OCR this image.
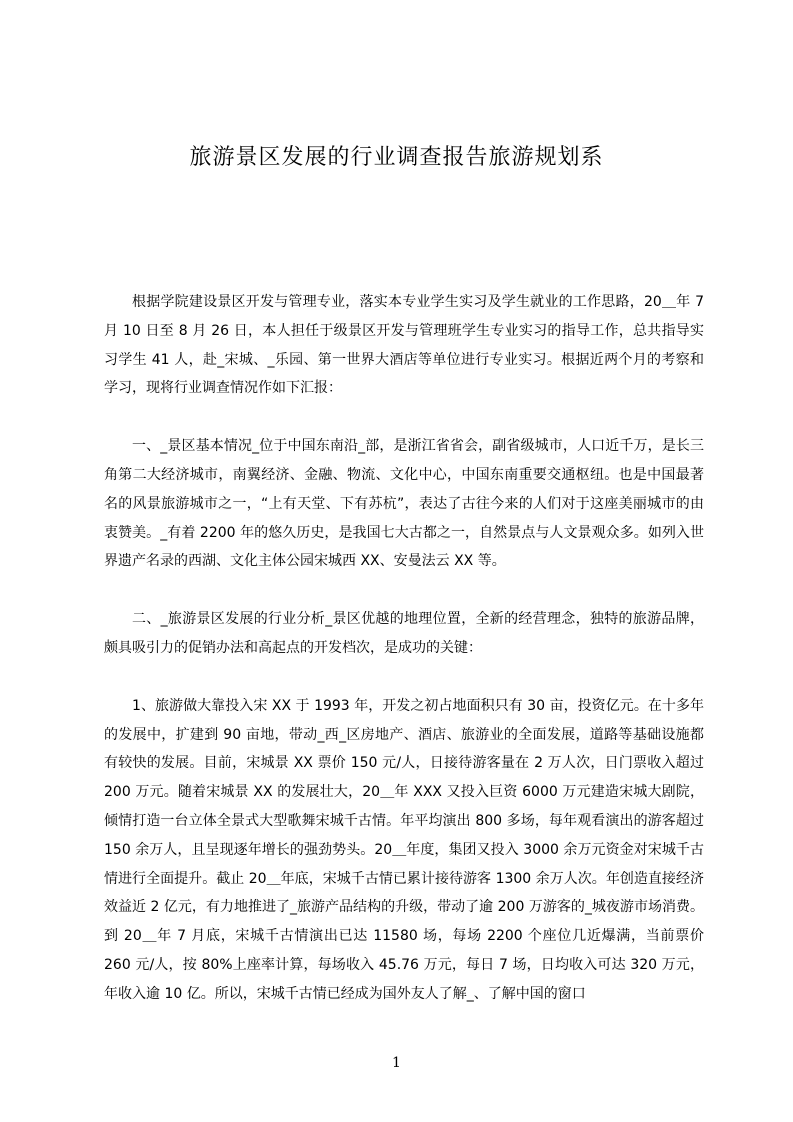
旅游景区发展的行业调查报告旅游规划系

根据学院建设景区开发与管理专业，落实本专业学生实习及学生就业的工作思路，20＿年 7 月 10 日至 8 月 26 日，本人担任于级景区开发与管理班学生专业实习的指导工作，总共指导实习学生 41 人，赴_宋城、_乐园、第一世界大酒店等单位进行专业实习。根据近两个月的考察和学习，现将行业调查情况作如下汇报：

一、_景区基本情况_位于中国东南沿_部，是浙江省省会，副省级城市，人口近千万，是长三角第二大经济城市，南翼经济、金融、物流、文化中心，中国东南重要交通枢纽。也是中国最著名的风景旅游城市之一，“上有天堂、下有苏杭”，表达了古往今来的人们对于这座美丽城市的由衷赞美。_有着 2200 年的悠久历史，是我国七大古都之一，自然景点与人文景观众多。如列入世界遗产名录的西湖、文化主体公园宋城西 XX、安曼法云 XX 等。

二、_旅游景区发展的行业分析_景区优越的地理位置，全新的经营理念，独特的旅游品牌，颇具吸引力的促销办法和高起点的开发档次，是成功的关键：

1、旅游做大靠投入宋 XX 于 1993 年，开发之初占地面积只有 30 亩，投资亿元。在十多年的发展中，扩建到 90 亩地，带动_西_区房地产、酒店、旅游业的全面发展，道路等基础设施都有较快的发展。目前，宋城景 XX 票价 150 元/人，日接待游客量在 2 万人次，日门票收入超过 200 万元。随着宋城景 XX 的发展壮大，20＿年 XXX 又投入巨资 6000 万元建造宋城大剧院，倾情打造一台立体全景式大型歌舞宋城千古情。年平均演出 800 多场，每年观看演出的游客超过 150 余万人，且呈现逐年增长的强劲势头。20＿年度，集团又投入 3000 余万元资金对宋城千古情进行全面提升。截止 20＿年底，宋城千古情已累计接待游客 1300 余万人次。年创造直接经济效益近 2 亿元，有力地推进了_旅游产品结构的升级，带动了逾 200 万游客的_城夜游市场消费。到 20＿年 7 月底，宋城千古情演出已达 11580 场，每场 2200 个座位几近爆满，当前票价 260 元/人，按 80%上座率计算，每场收入 45.76 万元，每日 7 场，日均收入可达 320 万元，年收入逾 10 亿。所以，宋城千古情已经成为国外友人了解_、了解中国的窗口

1
